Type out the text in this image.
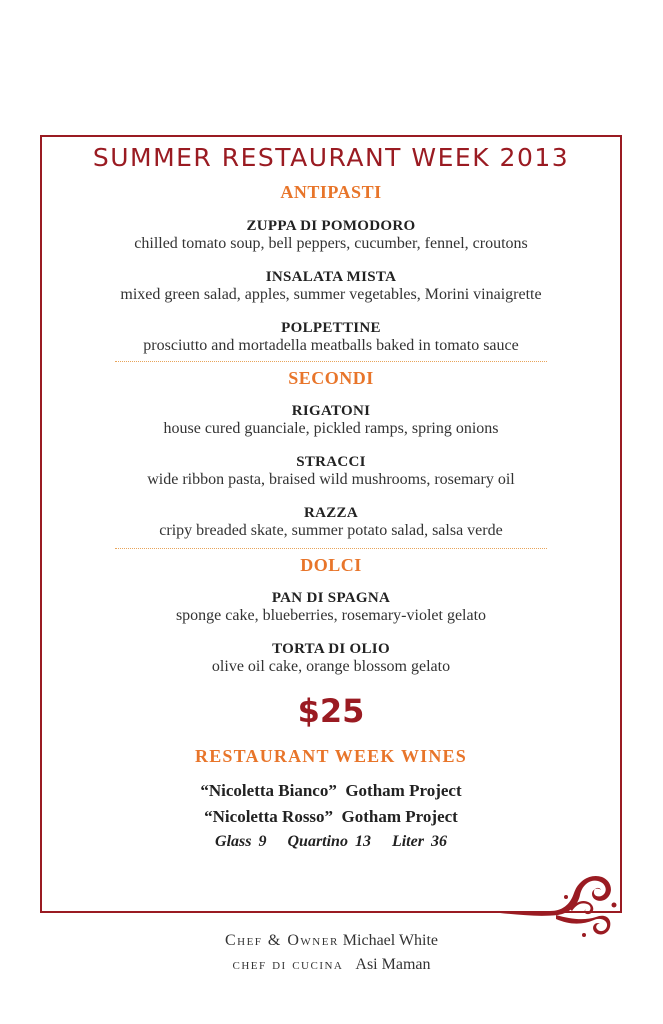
SUMMER RESTAURANT WEEK 2013
ANTIPASTI
ZUPPA DI POMODORO
chilled tomato soup, bell peppers, cucumber, fennel, croutons
INSALATA MISTA
mixed green salad, apples, summer vegetables, Morini vinaigrette
POLPETTINE
prosciutto and mortadella meatballs baked in tomato sauce
SECONDI
RIGATONI
house cured guanciale, pickled ramps, spring onions
STRACCI
wide ribbon pasta, braised wild mushrooms, rosemary oil
RAZZA
cripy breaded skate, summer potato salad, salsa verde
DOLCI
PAN DI SPAGNA
sponge cake, blueberries, rosemary-violet gelato
TORTA DI OLIO
olive oil cake, orange blossom gelato
$25
RESTAURANT WEEK WINES
“Nicoletta Bianco”  Gotham Project
“Nicoletta Rosso”  Gotham Project
Glass 9   Quartino 13   Liter 36
Chef & Owner Michael White
chef di cucina Asi Maman
